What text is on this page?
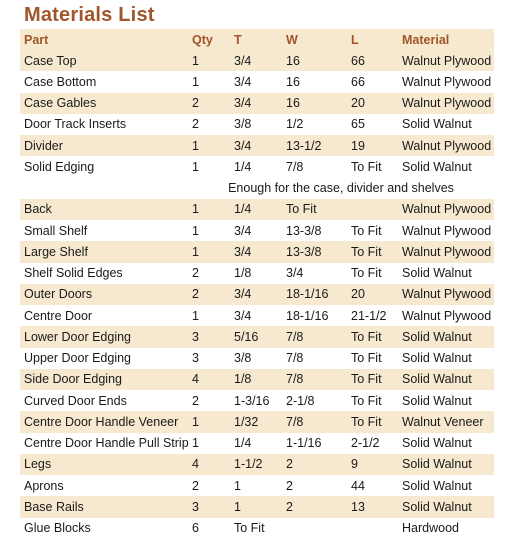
Materials List
Part	Qty	T	W	L	Material
Case Top	1	3/4	16	66	Walnut Plywood
Case Bottom	1	3/4	16	66	Walnut Plywood
Case Gables	2	3/4	16	20	Walnut Plywood
Door Track Inserts	2	3/8	1/2	65	Solid Walnut
Divider	1	3/4	13-1/2	19	Walnut Plywood
Solid Edging	1	1/4	7/8	To Fit	Solid Walnut
	Enough for the case, divider and shelves				
Back	1	1/4	To Fit		Walnut Plywood
Small Shelf	1	3/4	13-3/8	To Fit	Walnut Plywood
Large Shelf	1	3/4	13-3/8	To Fit	Walnut Plywood
Shelf Solid Edges	2	1/8	3/4	To Fit	Solid Walnut
Outer Doors	2	3/4	18-1/16	20	Walnut Plywood
Centre Door	1	3/4	18-1/16	21-1/2	Walnut Plywood
Lower Door Edging	3	5/16	7/8	To Fit	Solid Walnut
Upper Door Edging	3	3/8	7/8	To Fit	Solid Walnut
Side Door Edging	4	1/8	7/8	To Fit	Solid Walnut
Curved Door Ends	2	1-3/16	2-1/8	To Fit	Solid Walnut
Centre Door Handle Veneer	1	1/32	7/8	To Fit	Walnut Veneer
Centre Door Handle Pull Strip	1	1/4	1-1/16	2-1/2	Solid Walnut
Legs	4	1-1/2	2	9	Solid Walnut
Aprons	2	1	2	44	Solid Walnut
Base Rails	3	1	2	13	Solid Walnut
Glue Blocks	6	To Fit			Hardwood
